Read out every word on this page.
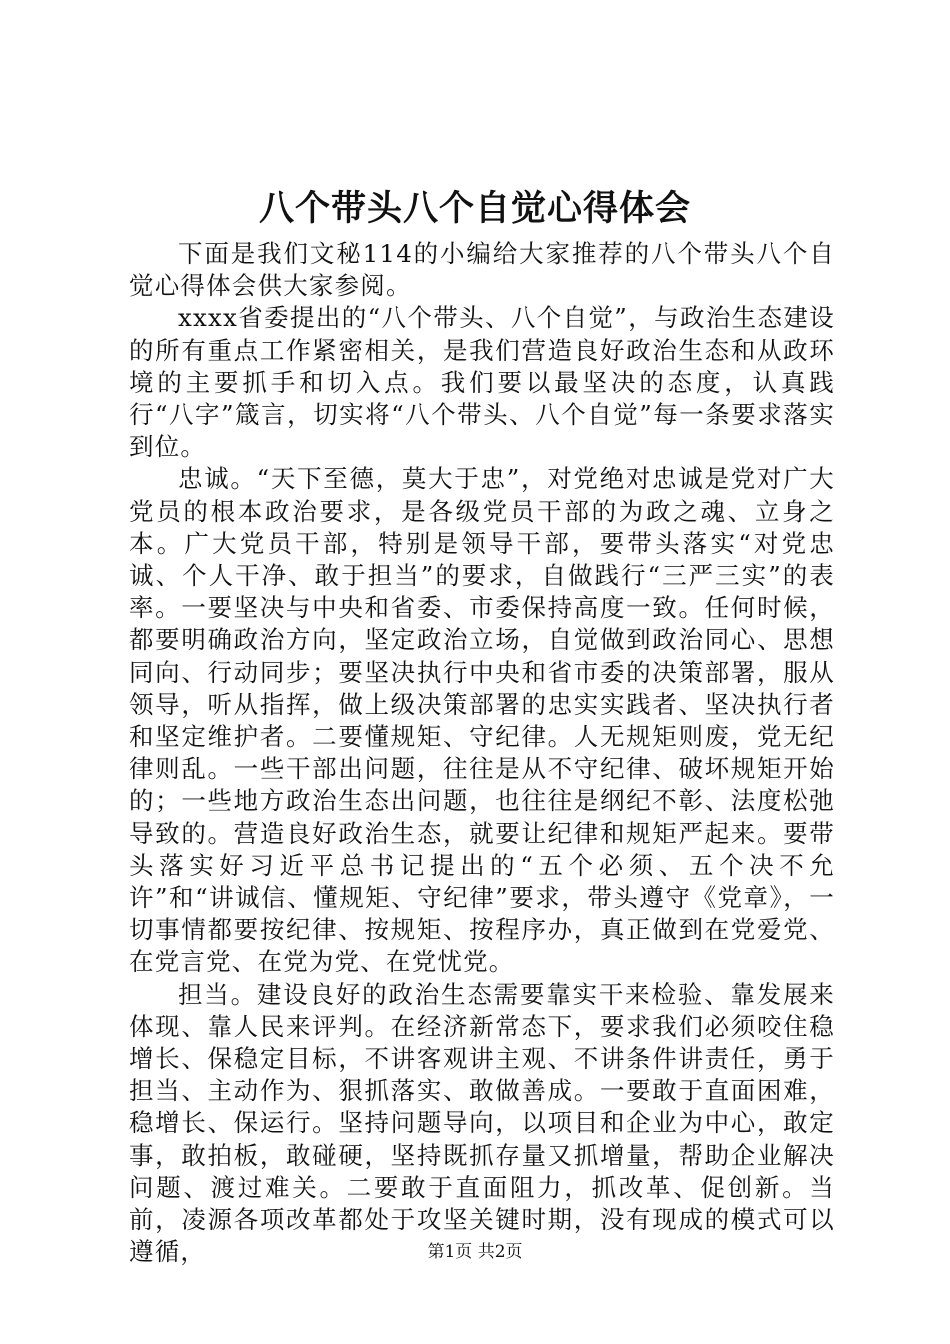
八个带头八个自觉心得体会

下面是我们文秘114的小编给大家推荐的八个带头八个自觉心得体会供大家参阅。

xxxx省委提出的“八个带头、八个自觉”，与政治生态建设的所有重点工作紧密相关，是我们营造良好政治生态和从政环境的主要抓手和切入点。我们要以最坚决的态度，认真践行“八字”箴言，切实将“八个带头、八个自觉”每一条要求落实到位。

忠诚。“天下至德，莫大于忠”，对党绝对忠诚是党对广大党员的根本政治要求，是各级党员干部的为政之魂、立身之本。广大党员干部，特别是领导干部，要带头落实“对党忠诚、个人干净、敢于担当”的要求，自做践行“三严三实”的表率。一要坚决与中央和省委、市委保持高度一致。任何时候，都要明确政治方向，坚定政治立场，自觉做到政治同心、思想同向、行动同步；要坚决执行中央和省市委的决策部署，服从领导，听从指挥，做上级决策部署的忠实实践者、坚决执行者和坚定维护者。二要懂规矩、守纪律。人无规矩则废，党无纪律则乱。一些干部出问题，往往是从不守纪律、破坏规矩开始的；一些地方政治生态出问题，也往往是纲纪不彰、法度松弛导致的。营造良好政治生态，就要让纪律和规矩严起来。要带头落实好习近平总书记提出的“五个必须、五个决不允许”和“讲诚信、懂规矩、守纪律”要求，带头遵守《党章》，一切事情都要按纪律、按规矩、按程序办，真正做到在党爱党、在党言党、在党为党、在党忧党。

担当。建设良好的政治生态需要靠实干来检验、靠发展来体现、靠人民来评判。在经济新常态下，要求我们必须咬住稳增长、保稳定目标，不讲客观讲主观、不讲条件讲责任，勇于担当、主动作为、狠抓落实、敢做善成。一要敢于直面困难，稳增长、保运行。坚持问题导向，以项目和企业为中心，敢定事，敢拍板，敢碰硬，坚持既抓存量又抓增量，帮助企业解决问题、渡过难关。二要敢于直面阻力，抓改革、促创新。当前，凌源各项改革都处于攻坚关键时期，没有现成的模式可以遵循，	第1页 共2页
